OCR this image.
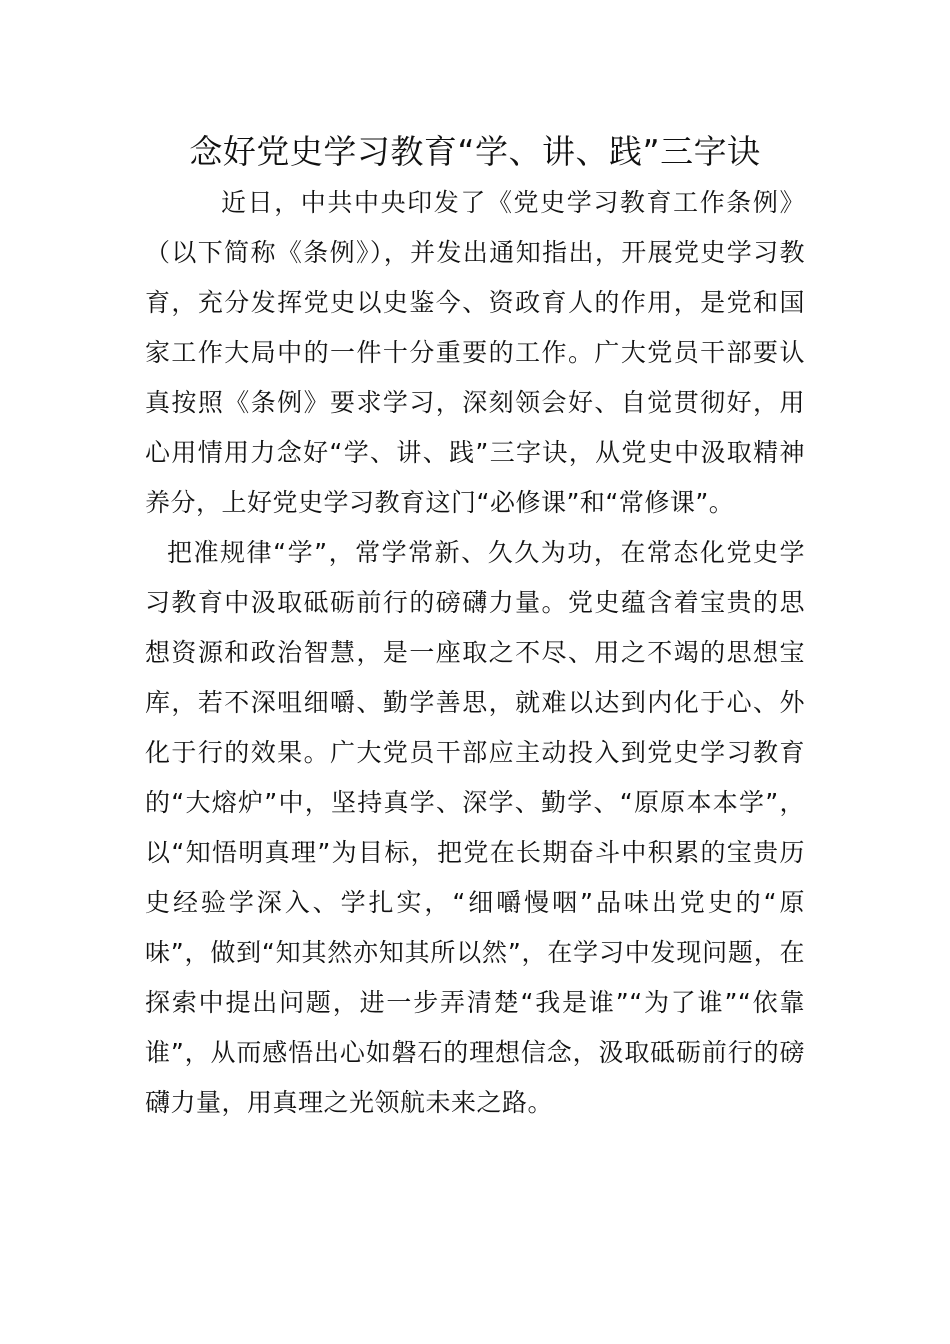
念好党史学习教育“学、讲、践”三字诀

近日，中共中央印发了《党史学习教育工作条例》（以下简称《条例》），并发出通知指出，开展党史学习教育，充分发挥党史以史鉴今、资政育人的作用，是党和国家工作大局中的一件十分重要的工作。广大党员干部要认真按照《条例》要求学习，深刻领会好、自觉贯彻好，用心用情用力念好“学、讲、践”三字诀，从党史中汲取精神养分，上好党史学习教育这门“必修课”和“常修课”。

把准规律“学”，常学常新、久久为功，在常态化党史学习教育中汲取砥砺前行的磅礴力量。党史蕴含着宝贵的思想资源和政治智慧，是一座取之不尽、用之不竭的思想宝库，若不深咀细嚼、勤学善思，就难以达到内化于心、外化于行的效果。广大党员干部应主动投入到党史学习教育的“大熔炉”中，坚持真学、深学、勤学、“原原本本学”，以“知悟明真理”为目标，把党在长期奋斗中积累的宝贵历史经验学深入、学扎实，“细嚼慢咽”品味出党史的“原味”，做到“知其然亦知其所以然”，在学习中发现问题，在探索中提出问题，进一步弄清楚“我是谁”“为了谁”“依靠谁”，从而感悟出心如磐石的理想信念，汲取砥砺前行的磅礴力量，用真理之光领航未来之路。
